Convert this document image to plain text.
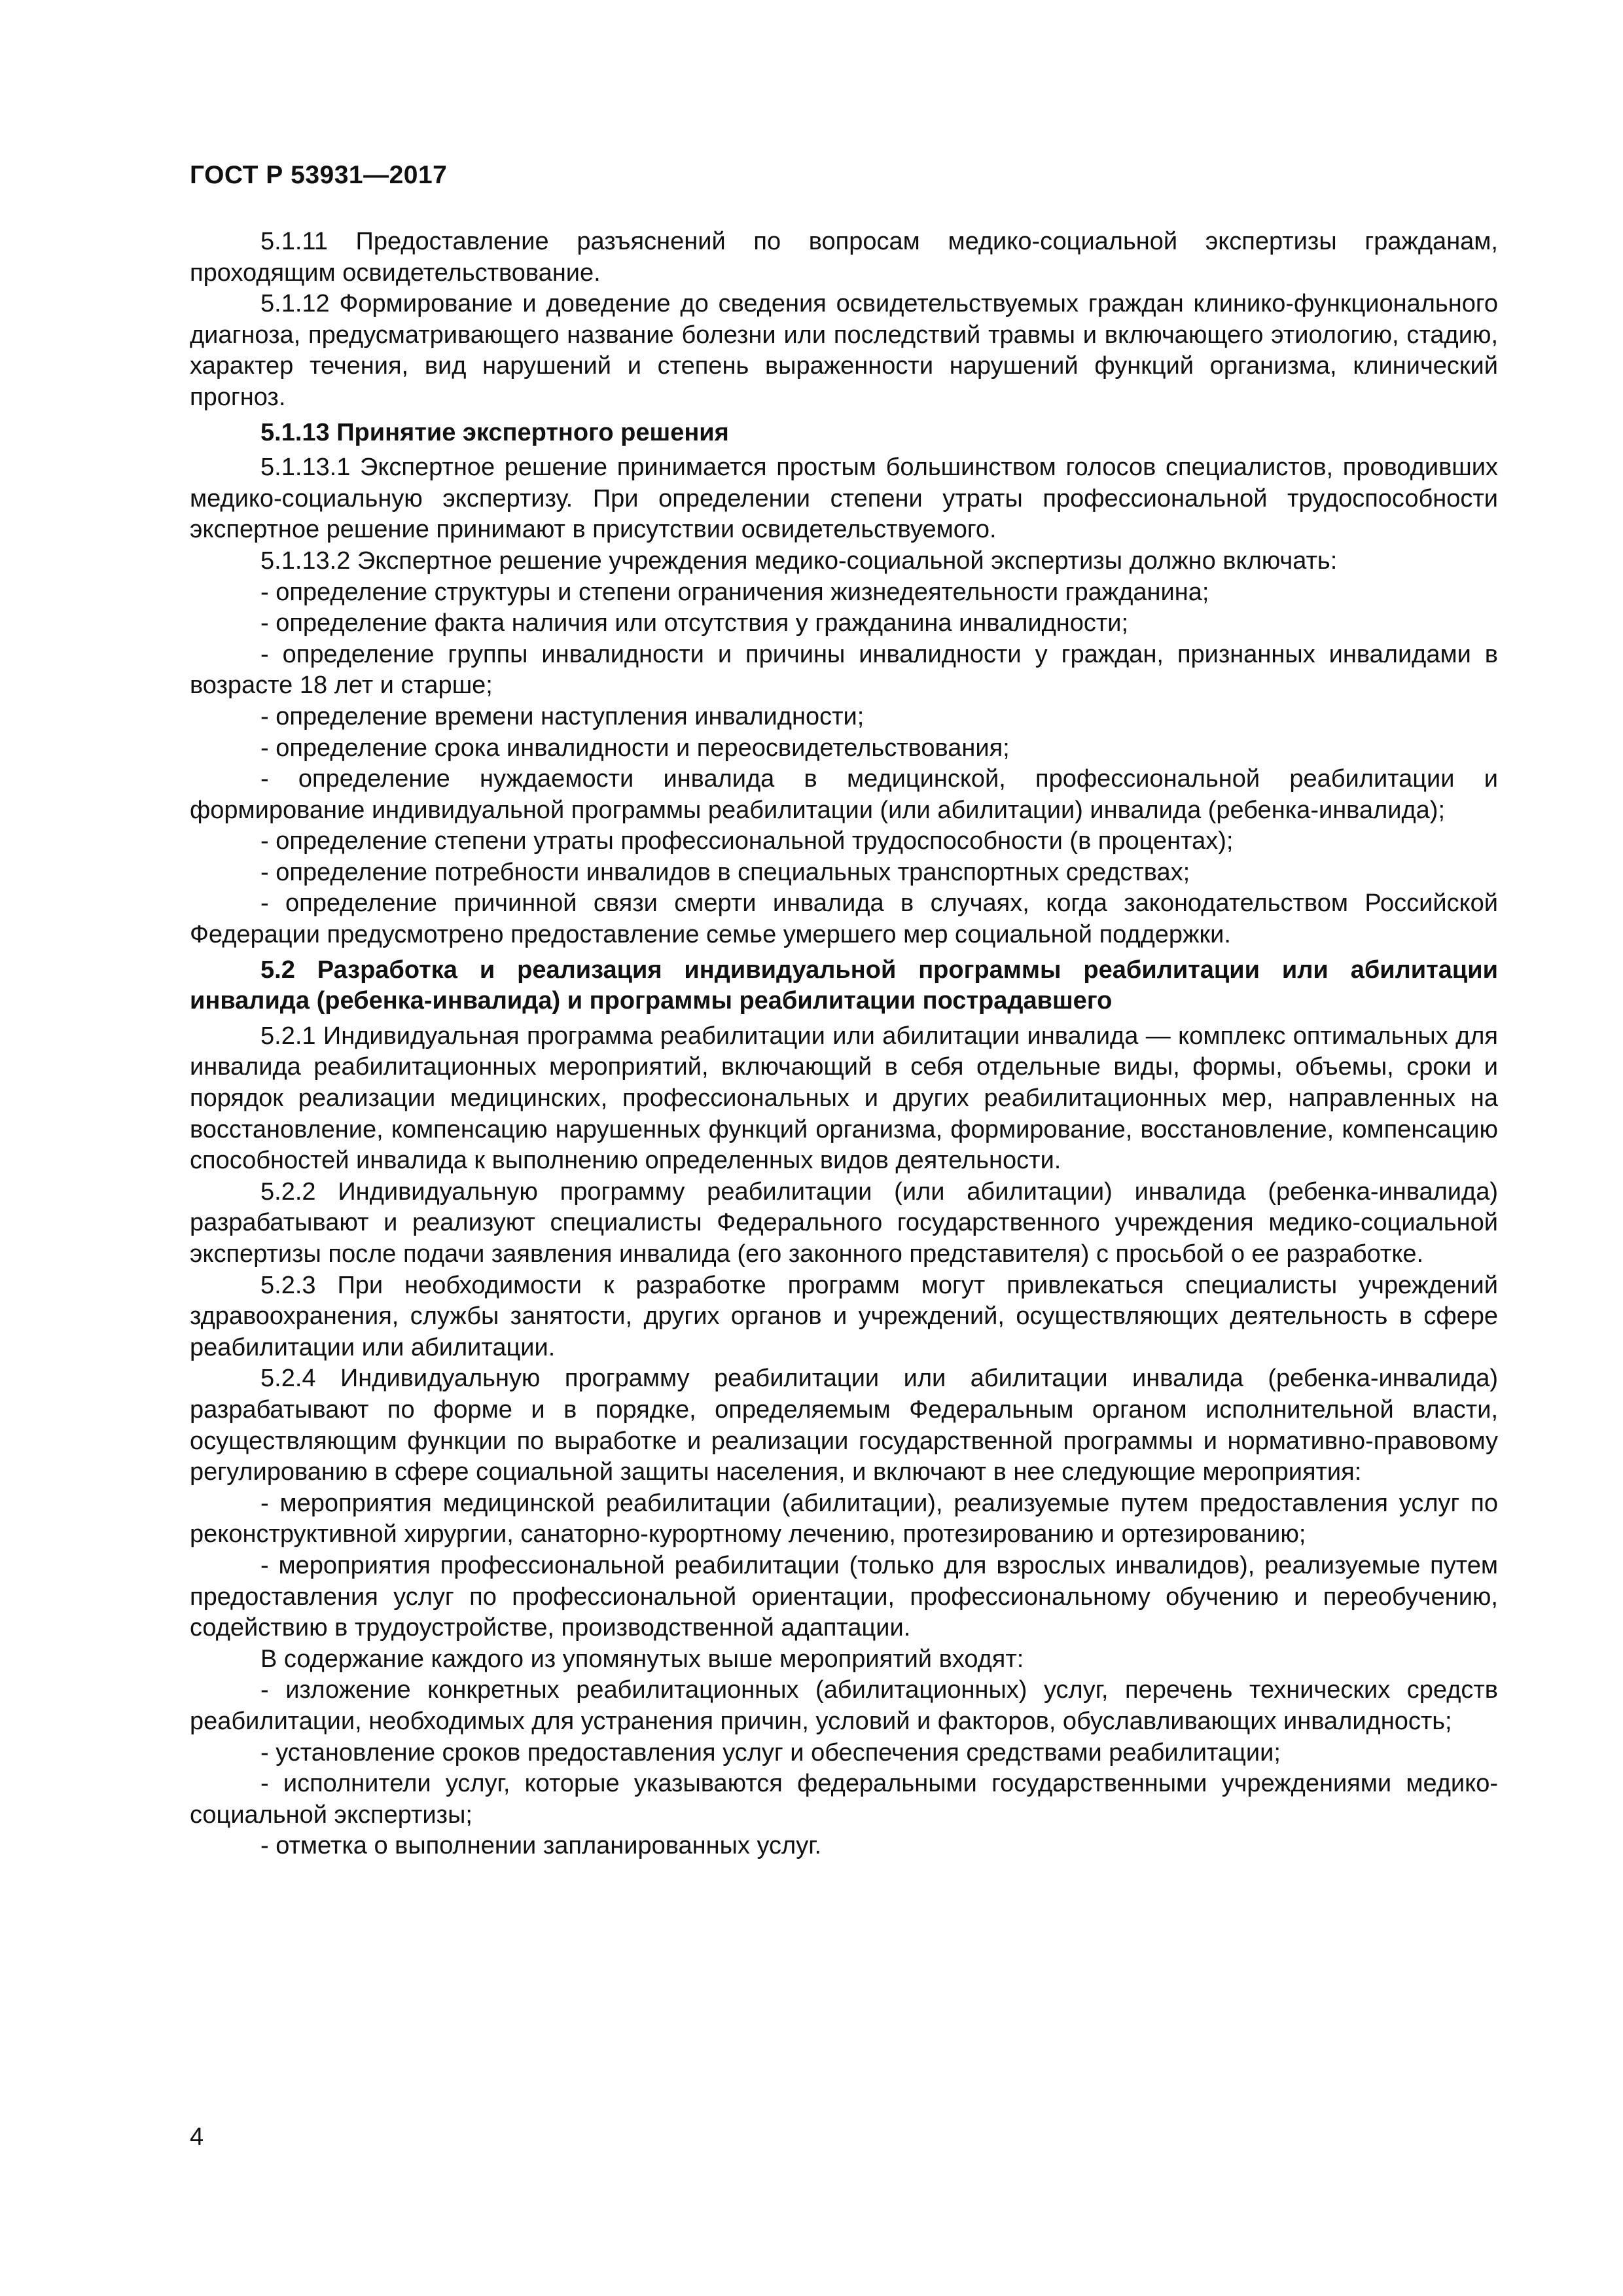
ГОСТ Р 53931—2017

5.1.11 Предоставление разъяснений по вопросам медико-социальной экспертизы гражданам, проходящим освидетельствование.

5.1.12 Формирование и доведение до сведения освидетельствуемых граждан клинико-функционального диагноза, предусматривающего название болезни или последствий травмы и включающего этиологию, стадию, характер течения, вид нарушений и степень выраженности нарушений функций организма, клинический прогноз.

5.1.13 Принятие экспертного решения

5.1.13.1 Экспертное решение принимается простым большинством голосов специалистов, проводивших медико-социальную экспертизу. При определении степени утраты профессиональной трудоспособности экспертное решение принимают в присутствии освидетельствуемого.

5.1.13.2 Экспертное решение учреждения медико-социальной экспертизы должно включать:

- определение структуры и степени ограничения жизнедеятельности гражданина;

- определение факта наличия или отсутствия у гражданина инвалидности;

- определение группы инвалидности и причины инвалидности у граждан, признанных инвалидами в возрасте 18 лет и старше;

- определение времени наступления инвалидности;

- определение срока инвалидности и переосвидетельствования;

- определение нуждаемости инвалида в медицинской, профессиональной реабилитации и формирование индивидуальной программы реабилитации (или абилитации) инвалида (ребенка-инвалида);

- определение степени утраты профессиональной трудоспособности (в процентах);

- определение потребности инвалидов в специальных транспортных средствах;

- определение причинной связи смерти инвалида в случаях, когда законодательством Российской Федерации предусмотрено предоставление семье умершего мер социальной поддержки.

5.2 Разработка и реализация индивидуальной программы реабилитации или абилитации инвалида (ребенка-инвалида) и программы реабилитации пострадавшего

5.2.1 Индивидуальная программа реабилитации или абилитации инвалида — комплекс оптимальных для инвалида реабилитационных мероприятий, включающий в себя отдельные виды, формы, объемы, сроки и порядок реализации медицинских, профессиональных и других реабилитационных мер, направленных на восстановление, компенсацию нарушенных функций организма, формирование, восстановление, компенсацию способностей инвалида к выполнению определенных видов деятельности.

5.2.2 Индивидуальную программу реабилитации (или абилитации) инвалида (ребенка-инвалида) разрабатывают и реализуют специалисты Федерального государственного учреждения медико-социальной экспертизы после подачи заявления инвалида (его законного представителя) с просьбой о ее разработке.

5.2.3 При необходимости к разработке программ могут привлекаться специалисты учреждений здравоохранения, службы занятости, других органов и учреждений, осуществляющих деятельность в сфере реабилитации или абилитации.

5.2.4 Индивидуальную программу реабилитации или абилитации инвалида (ребенка-инвалида) разрабатывают по форме и в порядке, определяемым Федеральным органом исполнительной власти, осуществляющим функции по выработке и реализации государственной программы и нормативно-правовому регулированию в сфере социальной защиты населения, и включают в нее следующие мероприятия:

- мероприятия медицинской реабилитации (абилитации), реализуемые путем предоставления услуг по реконструктивной хирургии, санаторно-курортному лечению, протезированию и ортезированию;

- мероприятия профессиональной реабилитации (только для взрослых инвалидов), реализуемые путем предоставления услуг по профессиональной ориентации, профессиональному обучению и переобучению, содействию в трудоустройстве, производственной адаптации.

В содержание каждого из упомянутых выше мероприятий входят:

- изложение конкретных реабилитационных (абилитационных) услуг, перечень технических средств реабилитации, необходимых для устранения причин, условий и факторов, обуславливающих инвалидность;

- установление сроков предоставления услуг и обеспечения средствами реабилитации;

- исполнители услуг, которые указываются федеральными государственными учреждениями медико-социальной экспертизы;

- отметка о выполнении запланированных услуг.

4
